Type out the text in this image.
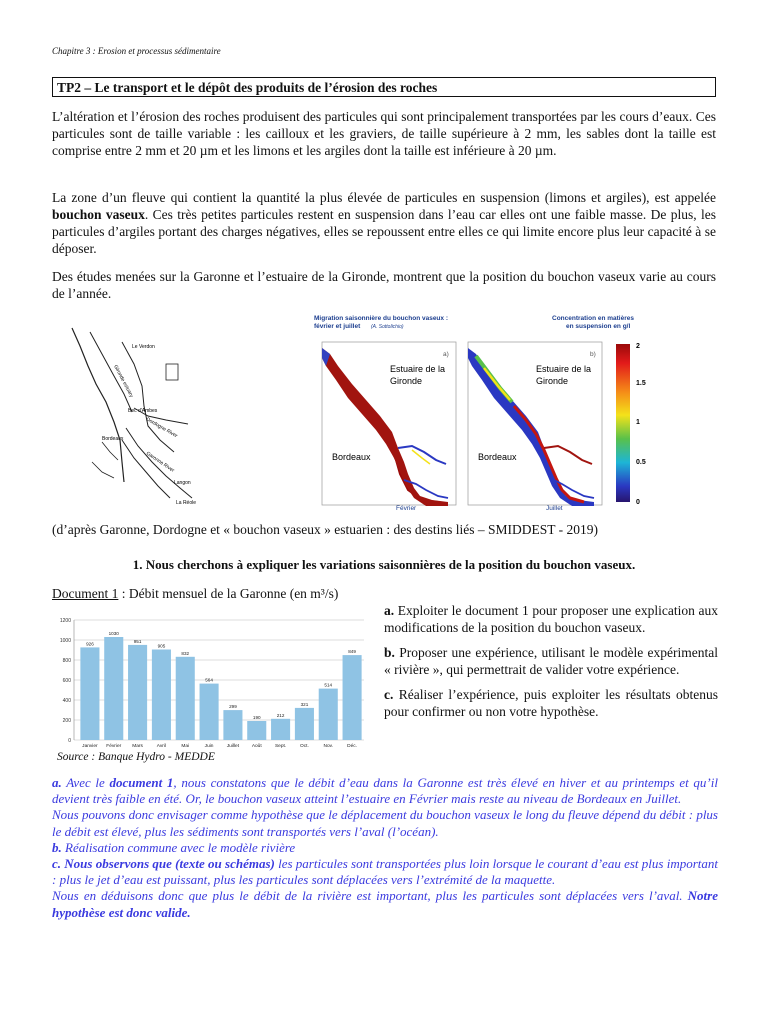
Chapitre 3 : Erosion et processus sédimentaire
TP2 – Le transport et le dépôt des produits de l’érosion des roches

L’altération et l’érosion des roches produisent des particules qui sont principalement transportées par les cours d’eaux. Ces particules sont de taille variable : les cailloux et les graviers, de taille supérieure à 2 mm, les sables dont la taille est comprise entre 2 mm et 20 µm et les limons et les argiles dont la taille est inférieure à 20 µm.

La zone d’un fleuve qui contient la quantité la plus élevée de particules en suspension (limons et argiles), est appelée bouchon vaseux. Ces très petites particules restent en suspension dans l’eau car elles ont une faible masse. De plus, les particules d’argiles portant des charges négatives, elles se repoussent entre elles ce qui limite encore plus leur capacité à se déposer.

Des études menées sur la Garonne et l’estuaire de la Gironde, montrent que la position du bouchon vaseux varie au cours de l’année.

Le Verdon
Gironde estuary
Bec d'Ambes
Dordogne River
Bordeaux
Garonne River
Langon
La Réole
Migration saisonnière du bouchon vaseux :
février et juillet (A. Sottolichio)
Concentration en matières
en suspension en g/l
a)
Estuaire de la
Gironde
Bordeaux
Février
b)
Estuaire de la
Gironde
Bordeaux
Juillet
2
1.5
1
0.5
0
(d’après Garonne, Dordogne et « bouchon vaseux » estuarien : des destins liés – SMIDDEST - 2019)
1. Nous cherchons à expliquer les variations saisonnières de la position du bouchon vaseux.
Document 1 : Débit mensuel de la Garonne (en m³/s)
0
200
400
600
800
1000
1200
926
1030
951
905
832
564
299
190	212
321
514
849
Janvier Février Mars	Avril	Mai	Juin	Juillet	Août	Sept.	Oct.	Nov.	Déc.
Source : Banque Hydro - MEDDE

a. Exploiter le document 1 pour proposer une explication aux modifications de la position du bouchon vaseux.

b. Proposer une expérience, utilisant le modèle expérimental « rivière », qui permettrait de valider votre expérience.

c. Réaliser l’expérience, puis exploiter les résultats obtenus pour confirmer ou non votre hypothèse.

a. Avec le document 1, nous constatons que le débit d’eau dans la Garonne est très élevé en hiver et au printemps et qu’il devient très faible en été. Or, le bouchon vaseux atteint l’estuaire en Février mais reste au niveau de Bordeaux en Juillet.

Nous pouvons donc envisager comme hypothèse que le déplacement du bouchon vaseux le long du fleuve dépend du débit : plus le débit est élevé, plus les sédiments sont transportés vers l’aval (l’océan).

b. Réalisation commune avec le modèle rivière

c. Nous observons que (texte ou schémas) les particules sont transportées plus loin lorsque le courant d’eau est plus important : plus le jet d’eau est puissant, plus les particules sont déplacées vers l’extrémité de la maquette.

Nous en déduisons donc que plus le débit de la rivière est important, plus les particules sont déplacées vers l’aval. Notre hypothèse est donc valide.
